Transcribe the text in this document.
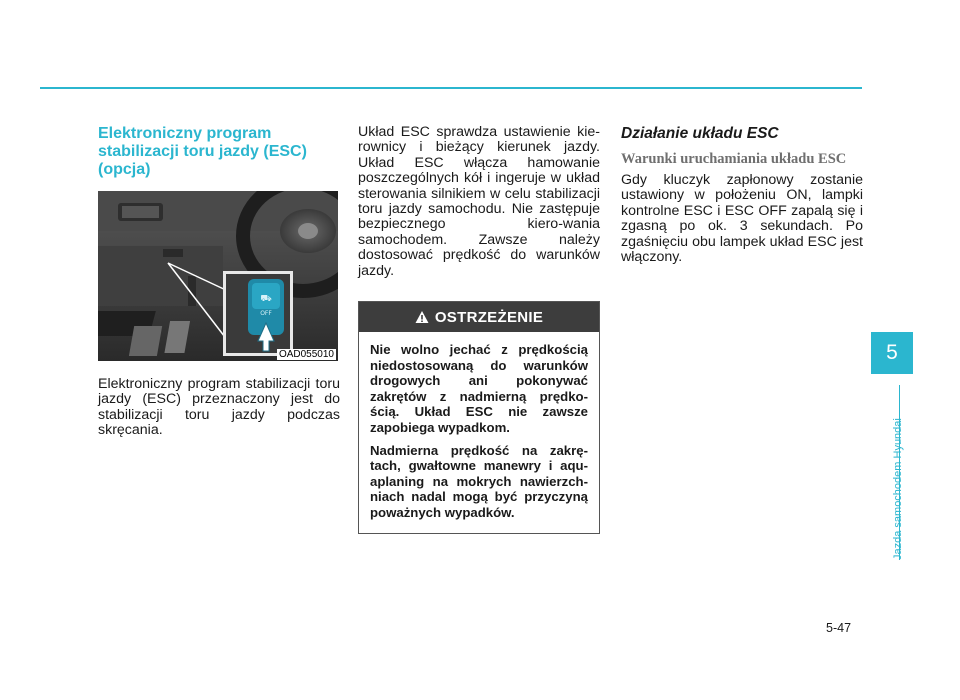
Elektroniczny program stabilizacji toru jazdy (ESC) (opcja)
⛟
OFF
OAD055010

Elektroniczny program stabilizacji toru jazdy (ESC) przeznaczony jest do stabilizacji toru jazdy podczas skręcania.

Układ ESC sprawdza ustawienie kie-rownicy i bieżący kierunek jazdy. Układ ESC włącza hamowanie poszczególnych kół i ingeruje w układ sterowania silnikiem w celu stabilizacji toru jazdy samochodu. Nie zastępuje bezpiecznego kiero-wania samochodem. Zawsze należy dostosować prędkość do warunków jazdy.

OSTRZEŻENIE

Nie wolno jechać z prędkością niedostosowaną do warunków drogowych ani pokonywać zakrętów z nadmierną prędko-ścią. Układ ESC nie zawsze zapobiega wypadkom.

Nadmierna prędkość na zakrę-tach, gwałtowne manewry i aqu-aplaning na mokrych nawierzch-niach nadal mogą być przyczyną poważnych wypadków.

Działanie układu ESC
Warunki uruchamiania układu ESC

Gdy kluczyk zapłonowy zostanie ustawiony w położeniu ON, lampki kontrolne ESC i ESC OFF zapalą się i zgasną po ok. 3 sekundach. Po zgaśnięciu obu lampek układ ESC jest włączony.

5
Jazda samochodem Hyundai
5-47
